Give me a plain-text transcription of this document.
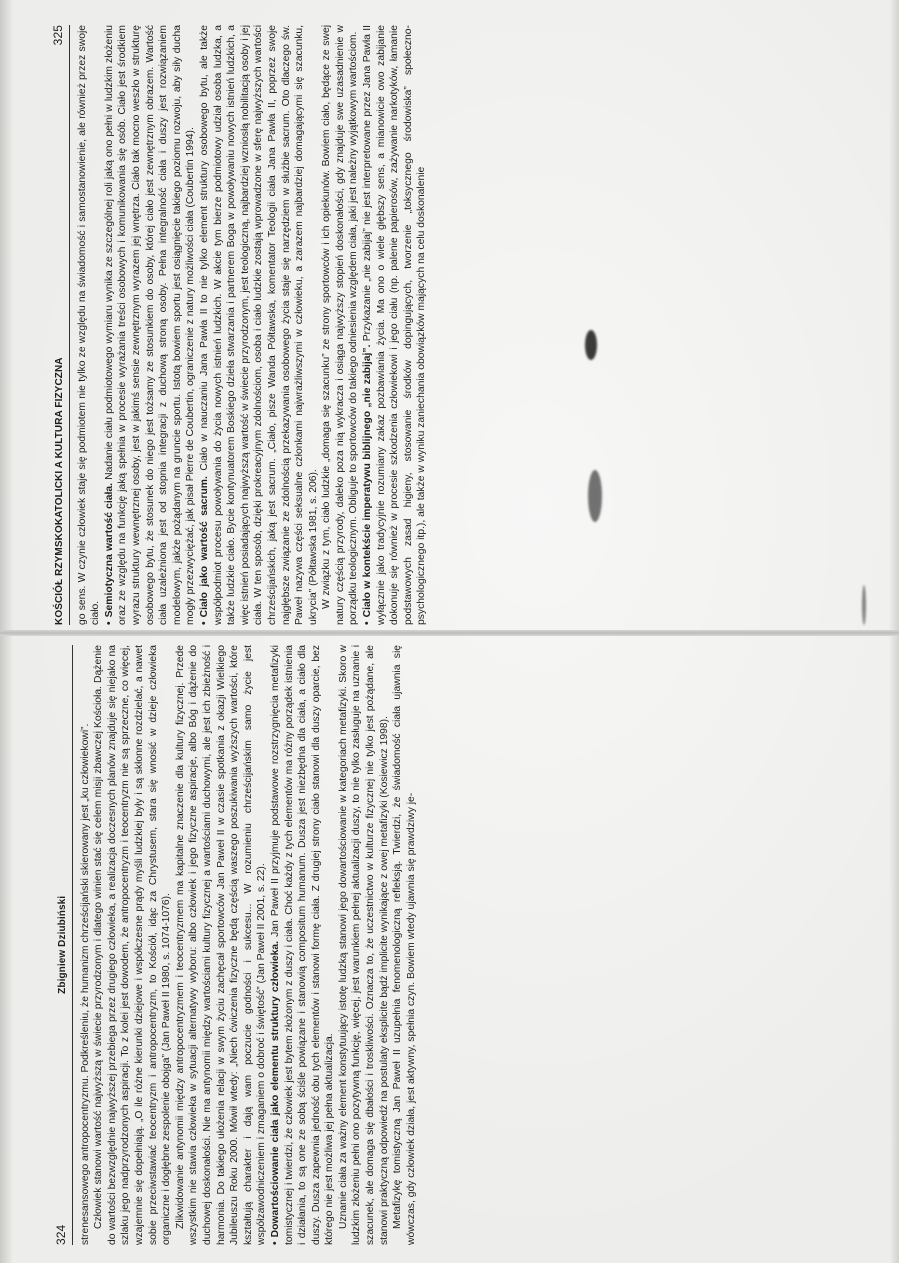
KOŚCIÓŁ RZYMSKOKATOLICKI A KULTURA FIZYCZNA
325 go sens. W czynie człowiek staje się podmiotem nie tylko ze względu na świadomość i samostanowienie, ale również przez swoje ciało. •Semiotyczna wartość ciała. Nadanie ciału podmiotowego wymiaru wynika ze szczególnej roli jaką ono pełni w ludzkim złożeniu oraz ze względu na funkcję jaką spełnia w procesie wyrażania treści osobowych i komunikowania się osób. Ciało jest środkiem wyrazu struktury wewnętrznej osoby, jest w jakimś sensie zewnętrznym wyrazem jej wnętrza. Ciało tak mocno weszło w strukturę osobowego bytu, że stosunek do niego jest tożsamy ze stosunkiem do osoby, której ciało jest zewnętrznym obrazem. Wartość ciała uzależniona jest od stopnia integracji z duchową stroną osoby. Pełna integralność ciała i duszy jest rozwiązaniem modelowym, jakże pożądanym na gruncie sportu. Istotą bowiem sportu jest osiągnięcie takiego poziomu rozwoju, aby siły ducha mogły przezwyciężać, jak pisał Pierre de Coubertin, ograniczenie z natury możliwości ciała (Coubertin 1994). •Ciało jako wartość sacrum. Ciało w nauczaniu Jana Pawła II to nie tylko element struktury osobowego bytu, ale także współpodmiot procesu powoływania do życia nowych istnień ludzkich. W akcie tym bierze podmiotowy udział osoba ludzka, a także ludzkie ciało. Bycie kontynuatorem Boskiego dzieła stwarzania i partnerem Boga w powoływaniu nowych istnień ludzkich, a więc istnień posiadających najwyższą wartość w świecie przyrodzonym, jest teologiczną, najbardziej wzniosłą nobilitacją osoby i jej ciała. W ten sposób, dzięki prokreacyjnym zdolnościom, osoba i ciało ludzkie zostają wprowadzone w sferę najwyższych wartości chrześcijańskich, jaką jest sacrum. „Ciało, pisze Wanda Półtawska, komentator Teologii ciała Jana Pawła II, poprzez swoje najgłębsze związanie ze zdolnością przekazywania osobowego życia staje się narzędziem w służbie sacrum. Oto dlaczego św. Paweł nazywa części seksualne członkami najwrażliwszymi w człowieku, a zarazem najbardziej domagającymi się szacunku, ukrycia” (Półtawska 1981, s. 206). W związku z tym, ciało ludzkie „domaga się szacunku” ze strony sportowców i ich opiekunów. Bowiem ciało, będące ze swej natury częścią przyrody, daleko poza nią wykracza i osiąga najwyższy stopień doskonałości, gdy znajduje swe uzasadnienie w porządku teologicznym. Obliguje to sportowców do takiego odniesienia względem ciała, jaki jest należny wyjątkowym wartościom. •Ciało w kontekście imperatywu biblijnego „nie zabijaj”. Przykazanie „nie zabijaj” nie jest interpretowane przez Jana Pawła II wyłącznie jako tradycyjnie rozumiany zakaz pozbawiania życia. Ma ono o wiele głębszy sens, a mianowicie owo zabijanie dokonuje się również w procesie szkodzenia człowiekowi i jego ciału (np. palenie papierosów, zażywanie narkotyków, łamanie podstawowych zasad higieny, stosowanie środków dopingujących, tworzenie „toksycznego środowiska” społeczno-psychologicznego itp.), ale także w wyniku zaniechania obowiązków mających na celu doskonalenie

324
Zbigniew Dziubiński strenesansowego antropocentryzmu. Podkreśleniu, że humanizm chrześcijański skierowany jest „ku człowiekowi”. Człowiek stanowi wartość najwyższą w świecie przyrodzonym i dlatego winien stać się celem misji zbawczej Kościoła. Dążenie do wartości bezwzględnie najwyższej przebiega przez drugiego człowieka, a realizacja doczesnych planów znajduje się niejako na szlaku jego nadprzyrodzonych aspiracji. To z kolei jest dowodem, że antropocentryzm i teocentryzm nie są sprzeczne, co więcej, wzajemnie się dopełniają. „O ile różne kierunki dziejowe i współczesne prądy myśli ludzkiej były i są skłonne rozdzielać, a nawet sobie przeciwstawiać teocentryzm i antropocentryzm, to Kościół, idąc za Chrystusem, stara się wnosić w dzieje człowieka organiczne i dogłębne zespolenie obojga” (Jan Paweł II 1980, s. 1074-1076). Zlikwidowanie antynomii między antropocentryzmem i teocentryzmem ma kapitalne znaczenie dla kultury fizycznej. Przede wszystkim nie stawia człowieka w sytuacji alternatywy wyboru: albo człowiek i jego fizyczne aspiracje, albo Bóg i dążenie do duchowej doskonałości. Nie ma antynomii między wartościami kultury fizycznej a wartościami duchowymi, ale jest ich zbieżność i harmonia. Do takiego ułożenia relacji w swym życiu zachęcał sportowców Jan Paweł II w czasie spotkania z okazji Wielkiego Jubileuszu Roku 2000. Mówił wtedy: „Niech ćwiczenia fizyczne będą częścią waszego poszukiwania wyższych wartości, które kształtują charakter i dają wam poczucie godności i sukcesu... W rozumieniu chrześcijańskim samo życie jest współzawodniczeniem i zmaganiem o dobroć i świętość” (Jan Paweł II 2001, s. 22). •Dowartościowanie ciała jako elementu struktury człowieka. Jan Paweł II przyjmuje podstawowe rozstrzygnięcia metafizyki tomistycznej i twierdzi, że człowiek jest bytem złożonym z duszy i ciała. Choć każdy z tych elementów ma różny porządek istnienia i działania, to są one ze sobą ściśle powiązane i stanowią compositum humanum. Dusza jest niezbędna dla ciała, a ciało dla duszy. Dusza zapewnia jedność obu tych elementów i stanowi formę ciała. Z drugiej strony ciało stanowi dla duszy oparcie, bez którego nie jest możliwa jej pełna aktualizacja. Uznanie ciała za ważny element konstytuujący istotę ludzką stanowi jego dowartościowanie w kategoriach metafizyki. Skoro w ludzkim złożeniu pełni ono pozytywną funkcję, więcej, jest warunkiem pełnej aktualizacji duszy, to nie tylko zasługuje na uznanie i szacunek, ale domaga się dbałości i troskliwości. Oznacza to, że uczestnictwo w kulturze fizycznej nie tylko jest pożądane, ale stanowi praktyczną odpowiedź na postulaty eksplicite bądź implicite wynikające z owej metafizyki (Kosiewicz 1998). Metafizykę tomistyczną Jan Paweł II uzupełnia fenomenologiczną refleksją. Twierdzi, że świadomość ciała ujawnia się wówczas, gdy człowiek działa, jest aktywny, spełnia czyn. Bowiem wtedy ujawnia się prawdziwy je-
